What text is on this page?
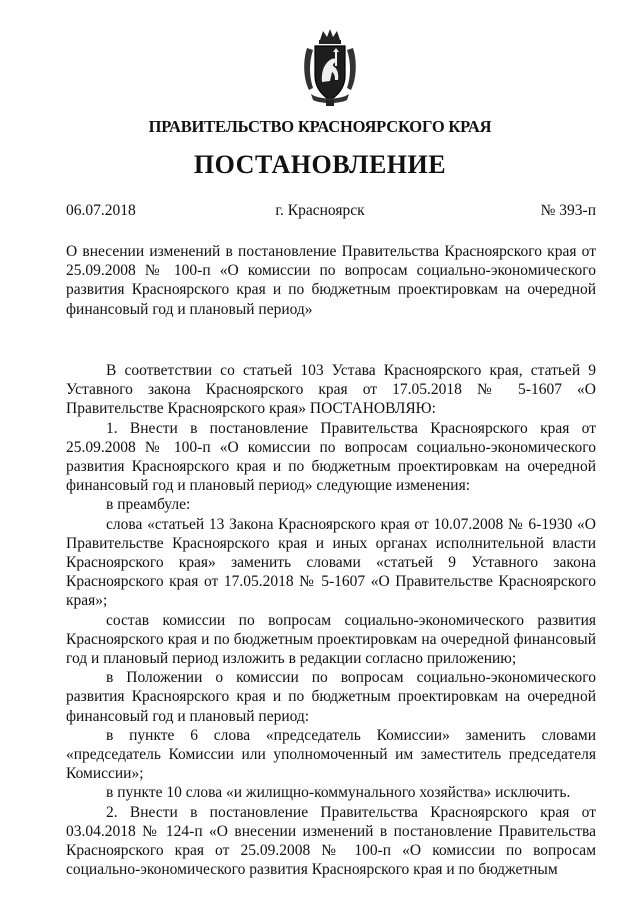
ПРАВИТЕЛЬСТВО КРАСНОЯРСКОГО КРАЯ
ПОСТАНОВЛЕНИЕ
06.07.2018	г. Красноярск	№ 393-п
О внесении изменений в постановление Правительства Красноярского края от 25.09.2008 № 100-п «О комиссии по вопросам социально-экономического развития Красноярского края и по бюджетным проектировкам на очередной финансовый год и плановый период»

В соответствии со статьей 103 Устава Красноярского края, статьей 9 Уставного закона Красноярского края от 17.05.2018 № 5-1607 «О Правительстве Красноярского края» ПОСТАНОВЛЯЮ:

1. Внести в постановление Правительства Красноярского края от 25.09.2008 № 100-п «О комиссии по вопросам социально-экономического развития Красноярского края и по бюджетным проектировкам на очередной финансовый год и плановый период» следующие изменения:

в преамбуле:

слова «статьей 13 Закона Красноярского края от 10.07.2008 № 6-1930 «О Правительстве Красноярского края и иных органах исполнительной власти Красноярского края» заменить словами «статьей 9 Уставного закона Красноярского края от 17.05.2018 № 5-1607 «О Правительстве Красноярского края»;

состав комиссии по вопросам социально-экономического развития Красноярского края и по бюджетным проектировкам на очередной финансовый год и плановый период изложить в редакции согласно приложению;

в Положении о комиссии по вопросам социально-экономического развития Красноярского края и по бюджетным проектировкам на очередной финансовый год и плановый период:

в пункте 6 слова «председатель Комиссии» заменить словами «председатель Комиссии или уполномоченный им заместитель председателя Комиссии»;

в пункте 10 слова «и жилищно-коммунального хозяйства» исключить.

2. Внести в постановление Правительства Красноярского края от 03.04.2018 № 124-п «О внесении изменений в постановление Правительства Красноярского края от 25.09.2008 № 100-п «О комиссии по вопросам социально-экономического развития Красноярского края и по бюджетным
